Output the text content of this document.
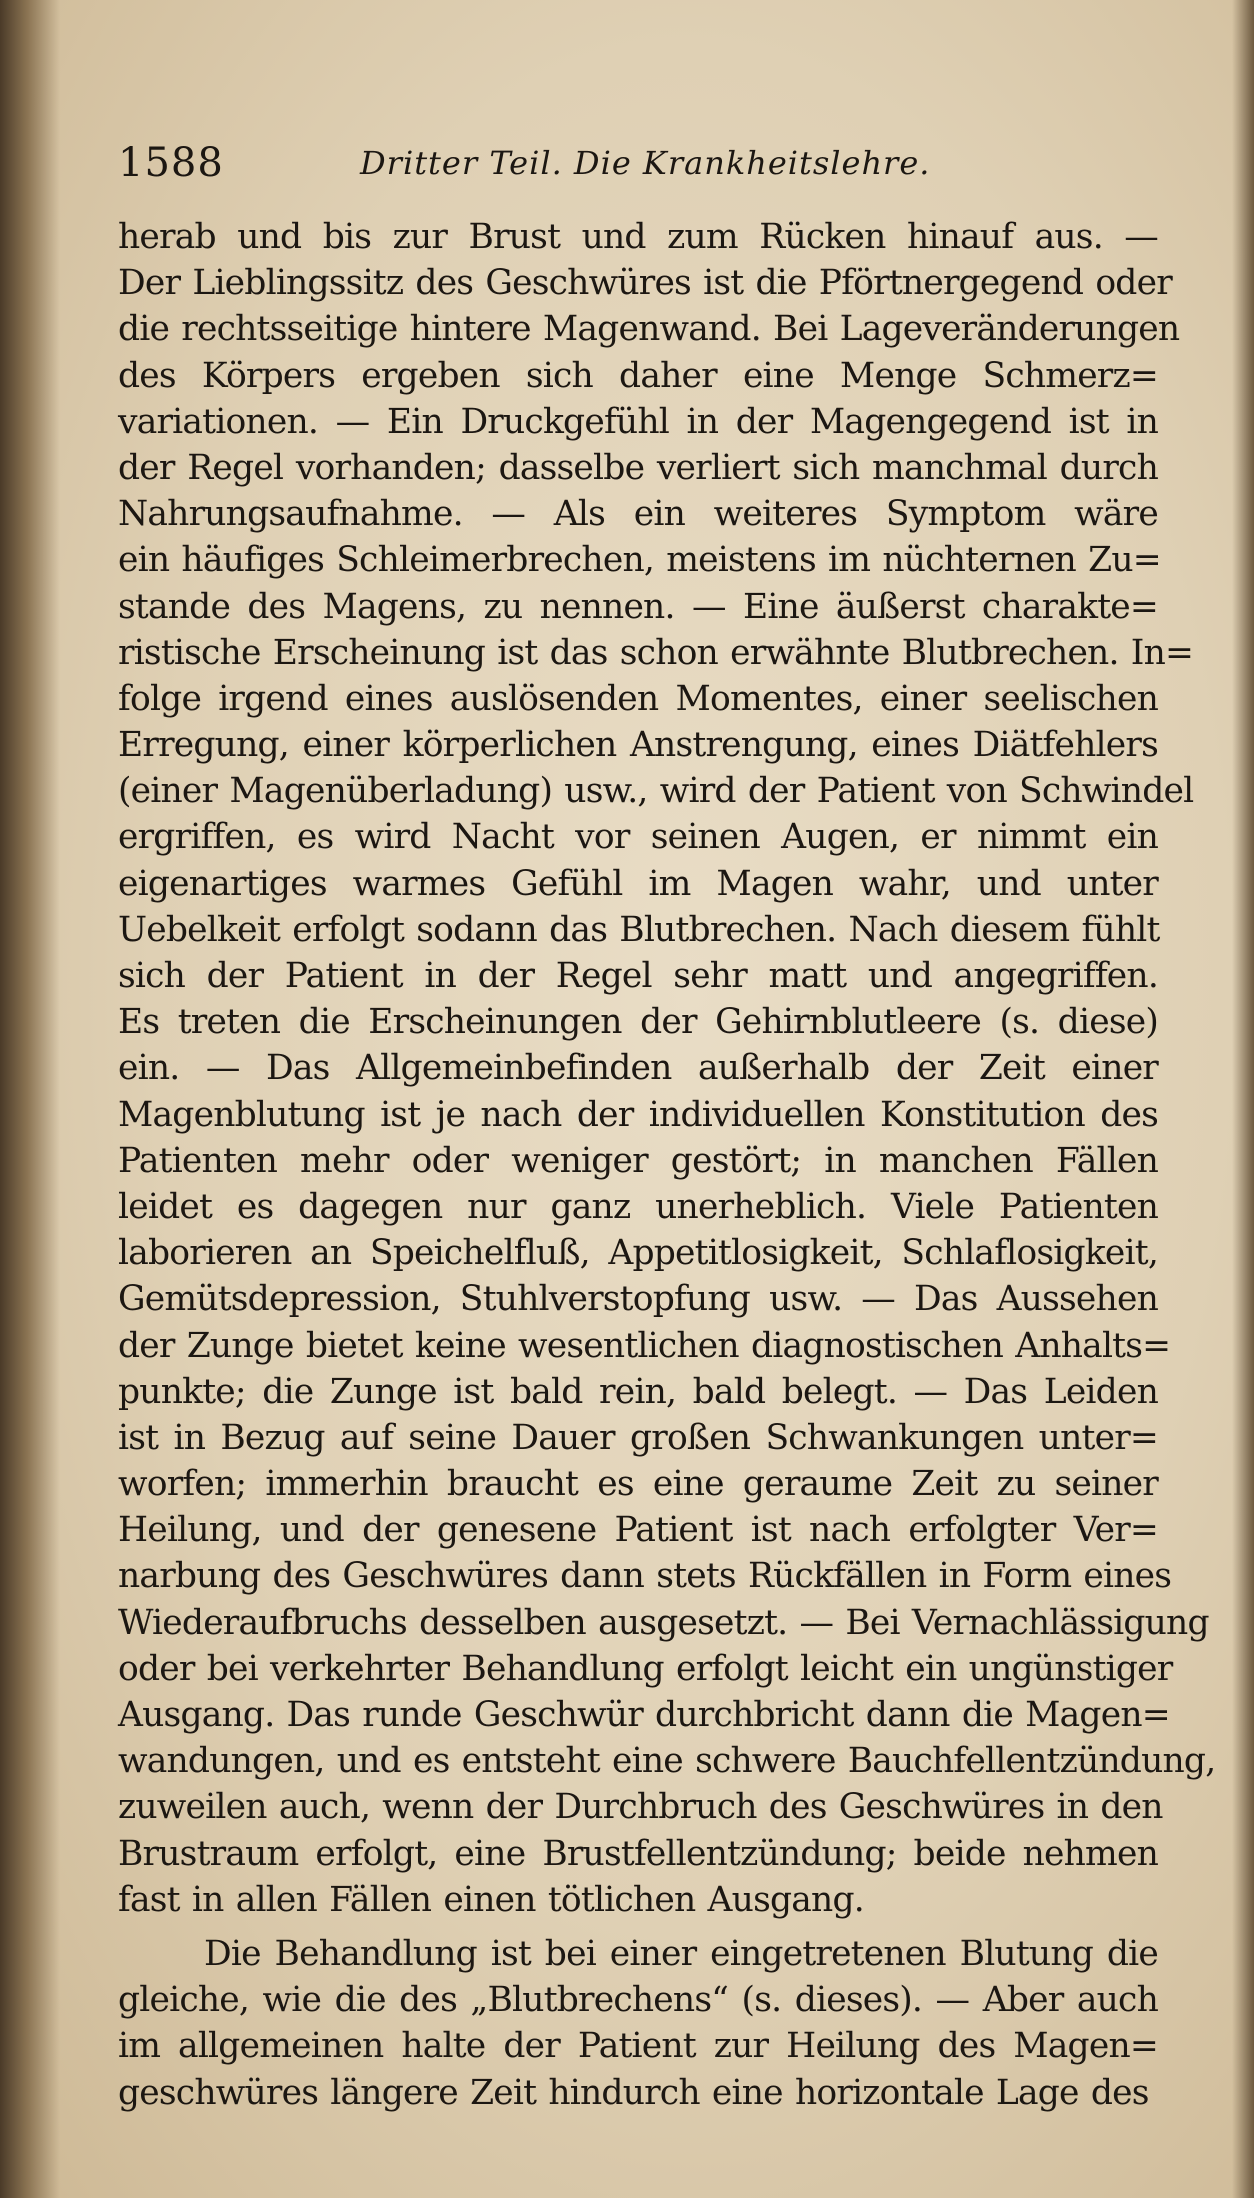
1588	Dritter Teil. Die Krankheitslehre.
herab und bis zur Brust und zum Rücken hinauf aus. —
Der Lieblingssitz des Geschwüres ist die Pförtnergegend oder
die rechtsseitige hintere Magenwand. Bei Lageveränderungen
des Körpers ergeben sich daher eine Menge Schmerz=
variationen. — Ein Druckgefühl in der Magengegend ist in
der Regel vorhanden; dasselbe verliert sich manchmal durch
Nahrungsaufnahme. — Als ein weiteres Symptom wäre
ein häufiges Schleimerbrechen, meistens im nüchternen Zu=
stande des Magens, zu nennen. — Eine äußerst charakte=
ristische Erscheinung ist das schon erwähnte Blutbrechen. In=
folge irgend eines auslösenden Momentes, einer seelischen
Erregung, einer körperlichen Anstrengung, eines Diätfehlers
(einer Magenüberladung) usw., wird der Patient von Schwindel
ergriffen, es wird Nacht vor seinen Augen, er nimmt ein
eigenartiges warmes Gefühl im Magen wahr, und unter
Uebelkeit erfolgt sodann das Blutbrechen. Nach diesem fühlt
sich der Patient in der Regel sehr matt und angegriffen.
Es treten die Erscheinungen der Gehirnblutleere (s. diese)
ein. — Das Allgemeinbefinden außerhalb der Zeit einer
Magenblutung ist je nach der individuellen Konstitution des
Patienten mehr oder weniger gestört; in manchen Fällen
leidet es dagegen nur ganz unerheblich. Viele Patienten
laborieren an Speichelfluß, Appetitlosigkeit, Schlaflosigkeit,
Gemütsdepression, Stuhlverstopfung usw. — Das Aussehen
der Zunge bietet keine wesentlichen diagnostischen Anhalts=
punkte; die Zunge ist bald rein, bald belegt. — Das Leiden
ist in Bezug auf seine Dauer großen Schwankungen unter=
worfen; immerhin braucht es eine geraume Zeit zu seiner
Heilung, und der genesene Patient ist nach erfolgter Ver=
narbung des Geschwüres dann stets Rückfällen in Form eines
Wiederaufbruchs desselben ausgesetzt. — Bei Vernachlässigung
oder bei verkehrter Behandlung erfolgt leicht ein ungünstiger
Ausgang. Das runde Geschwür durchbricht dann die Magen=
wandungen, und es entsteht eine schwere Bauchfellentzündung,
zuweilen auch, wenn der Durchbruch des Geschwüres in den
Brustraum erfolgt, eine Brustfellentzündung; beide nehmen
fast in allen Fällen einen tötlichen Ausgang.
Die Behandlung ist bei einer eingetretenen Blutung die
gleiche, wie die des „Blutbrechens“ (s. dieses). — Aber auch
im allgemeinen halte der Patient zur Heilung des Magen=
geschwüres längere Zeit hindurch eine horizontale Lage des
